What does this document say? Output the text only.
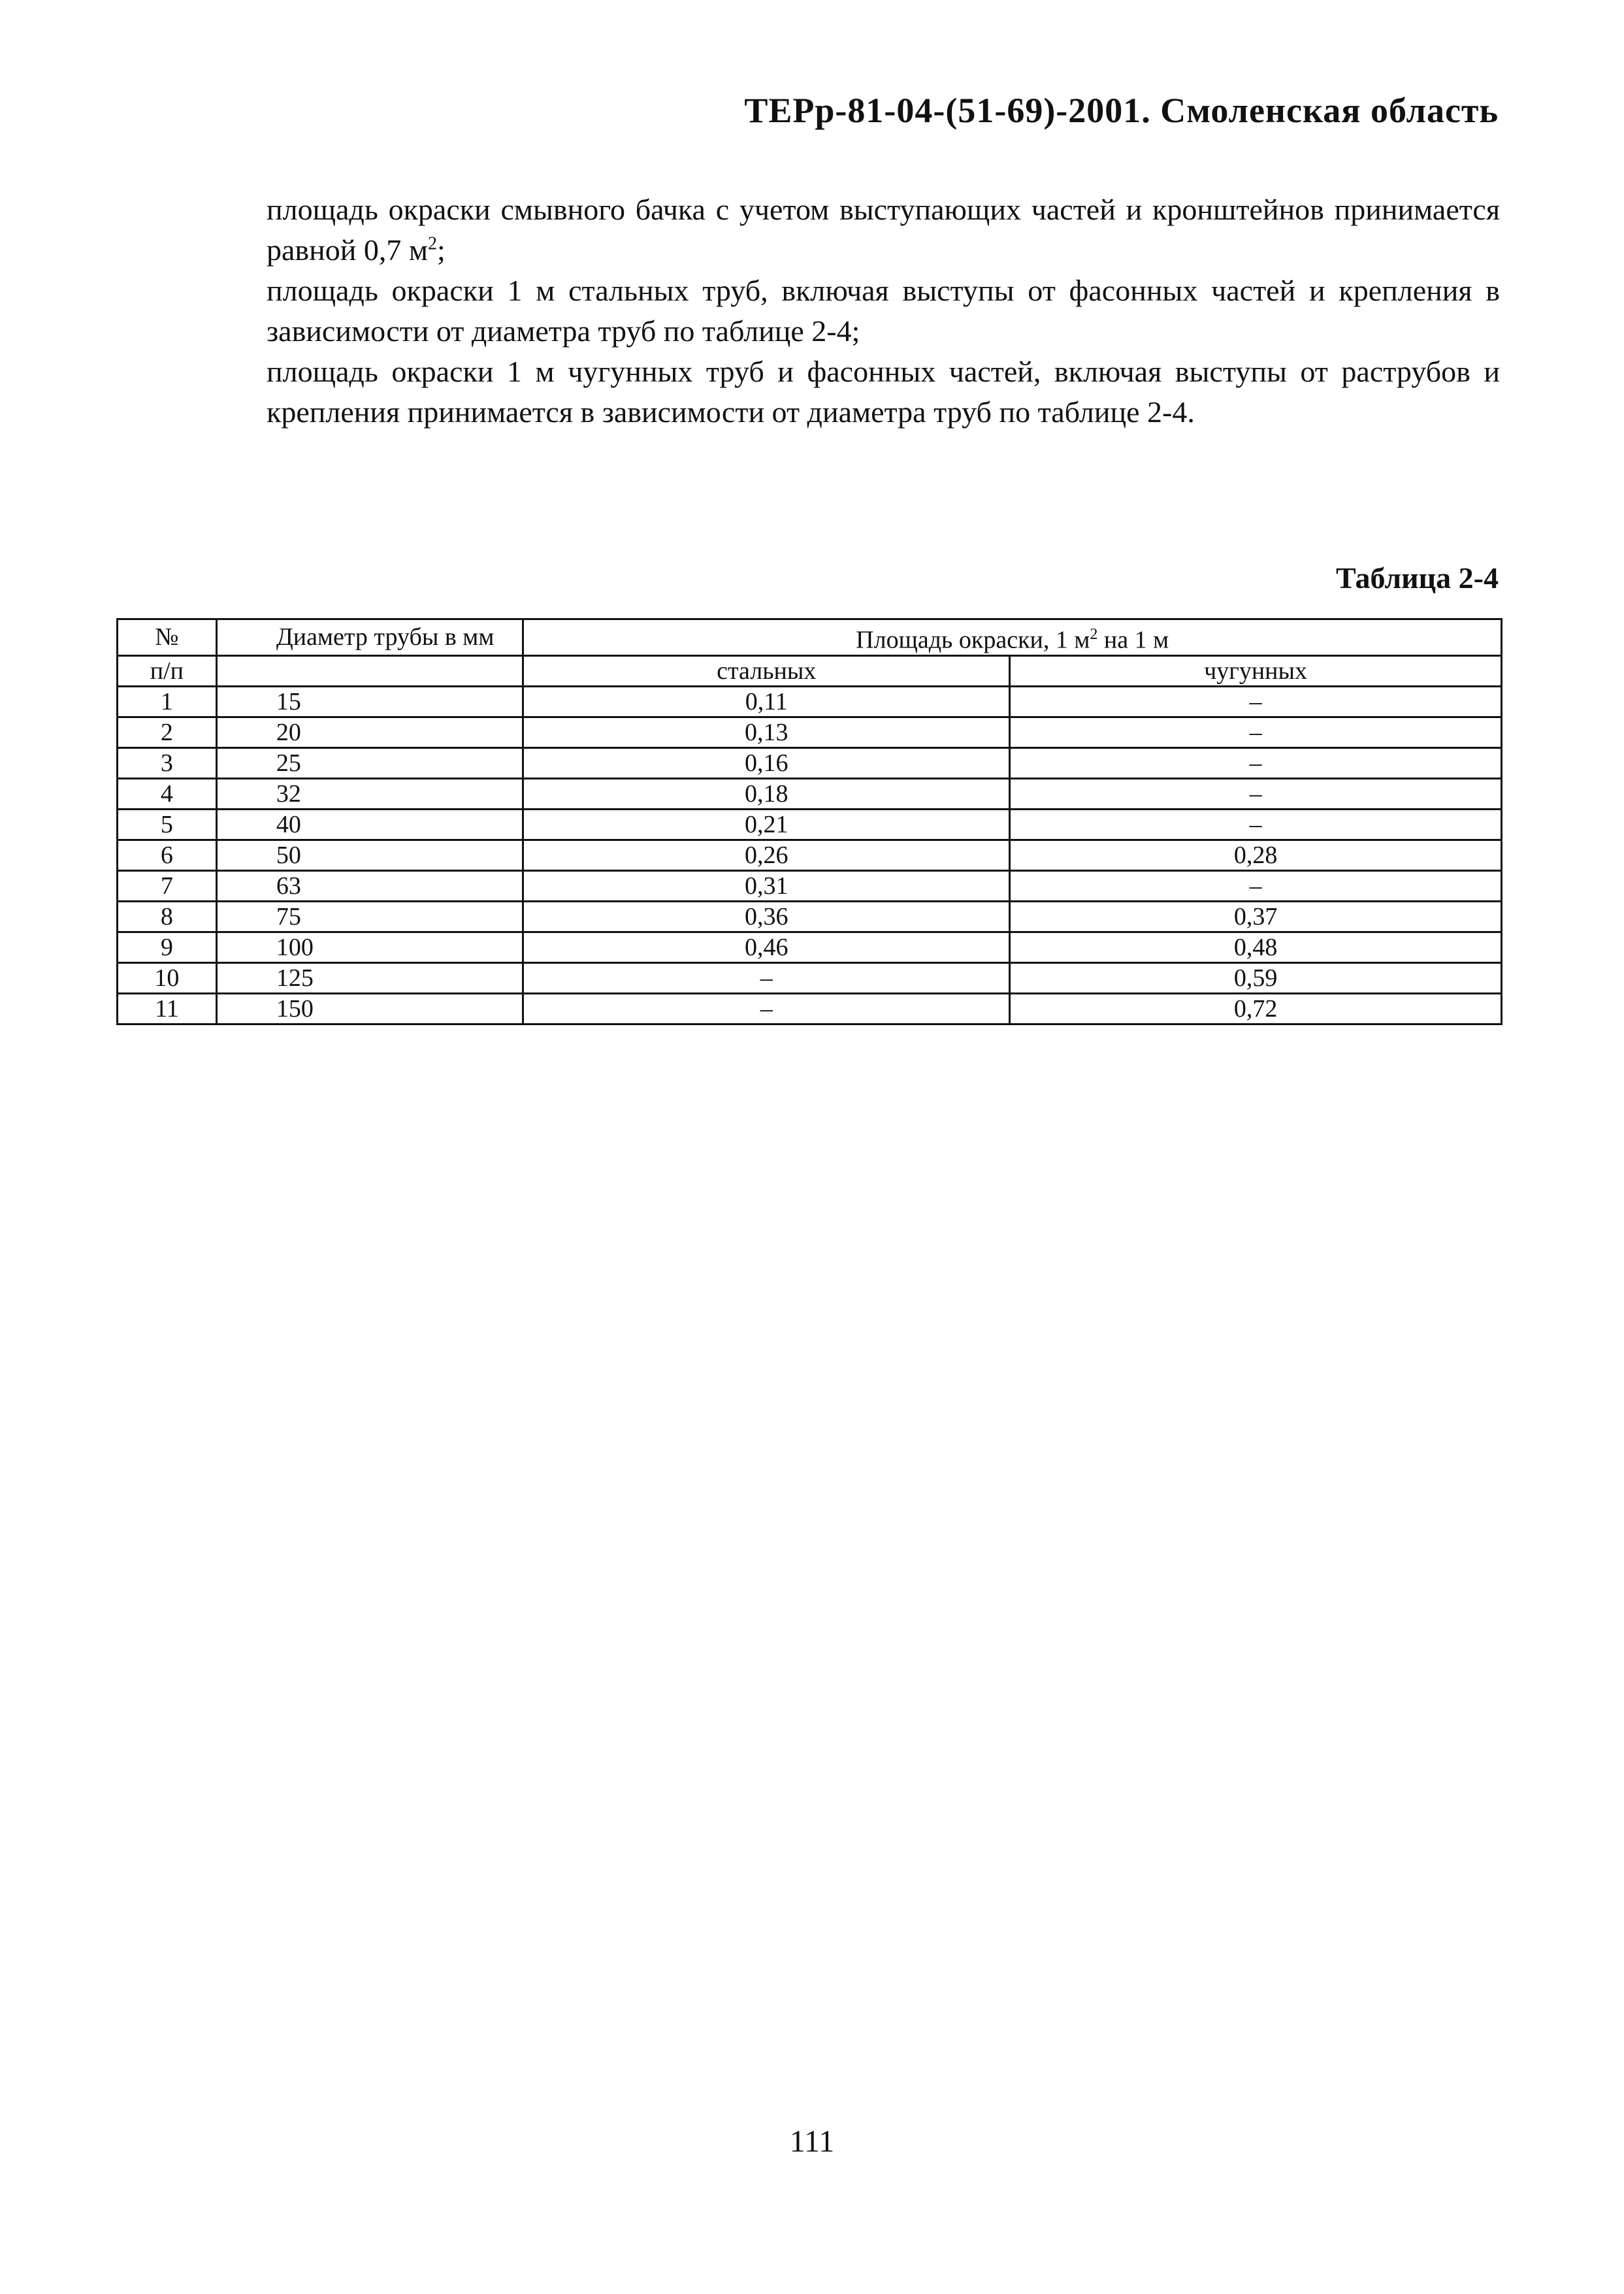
ТЕРр-81-04-(51-69)-2001. Смоленская область

площадь окраски смывного бачка с учетом выступающих частей и кронштейнов принимается равной 0,7 $м^2$;

площадь окраски 1 м стальных труб, включая выступы от фасонных частей и крепления в зависимости от диаметра труб по таблице 2-4;

площадь окраски 1 м чугунных труб и фасонных частей, включая выступы от раструбов и крепления принимается в зависимости от диаметра труб по таблице 2-4.

Таблица 2-4
№	Диаметр трубы в мм	Площадь окраски, 1 $м^2$ на 1 м	
п/п		стальных	чугунных
1	15	0,11	–
2	20	0,13	–
3	25	0,16	–
4	32	0,18	–
5	40	0,21	–
6	50	0,26	0,28
7	63	0,31	–
8	75	0,36	0,37
9	100	0,46	0,48
10	125	–	0,59
11	150	–	0,72
111
